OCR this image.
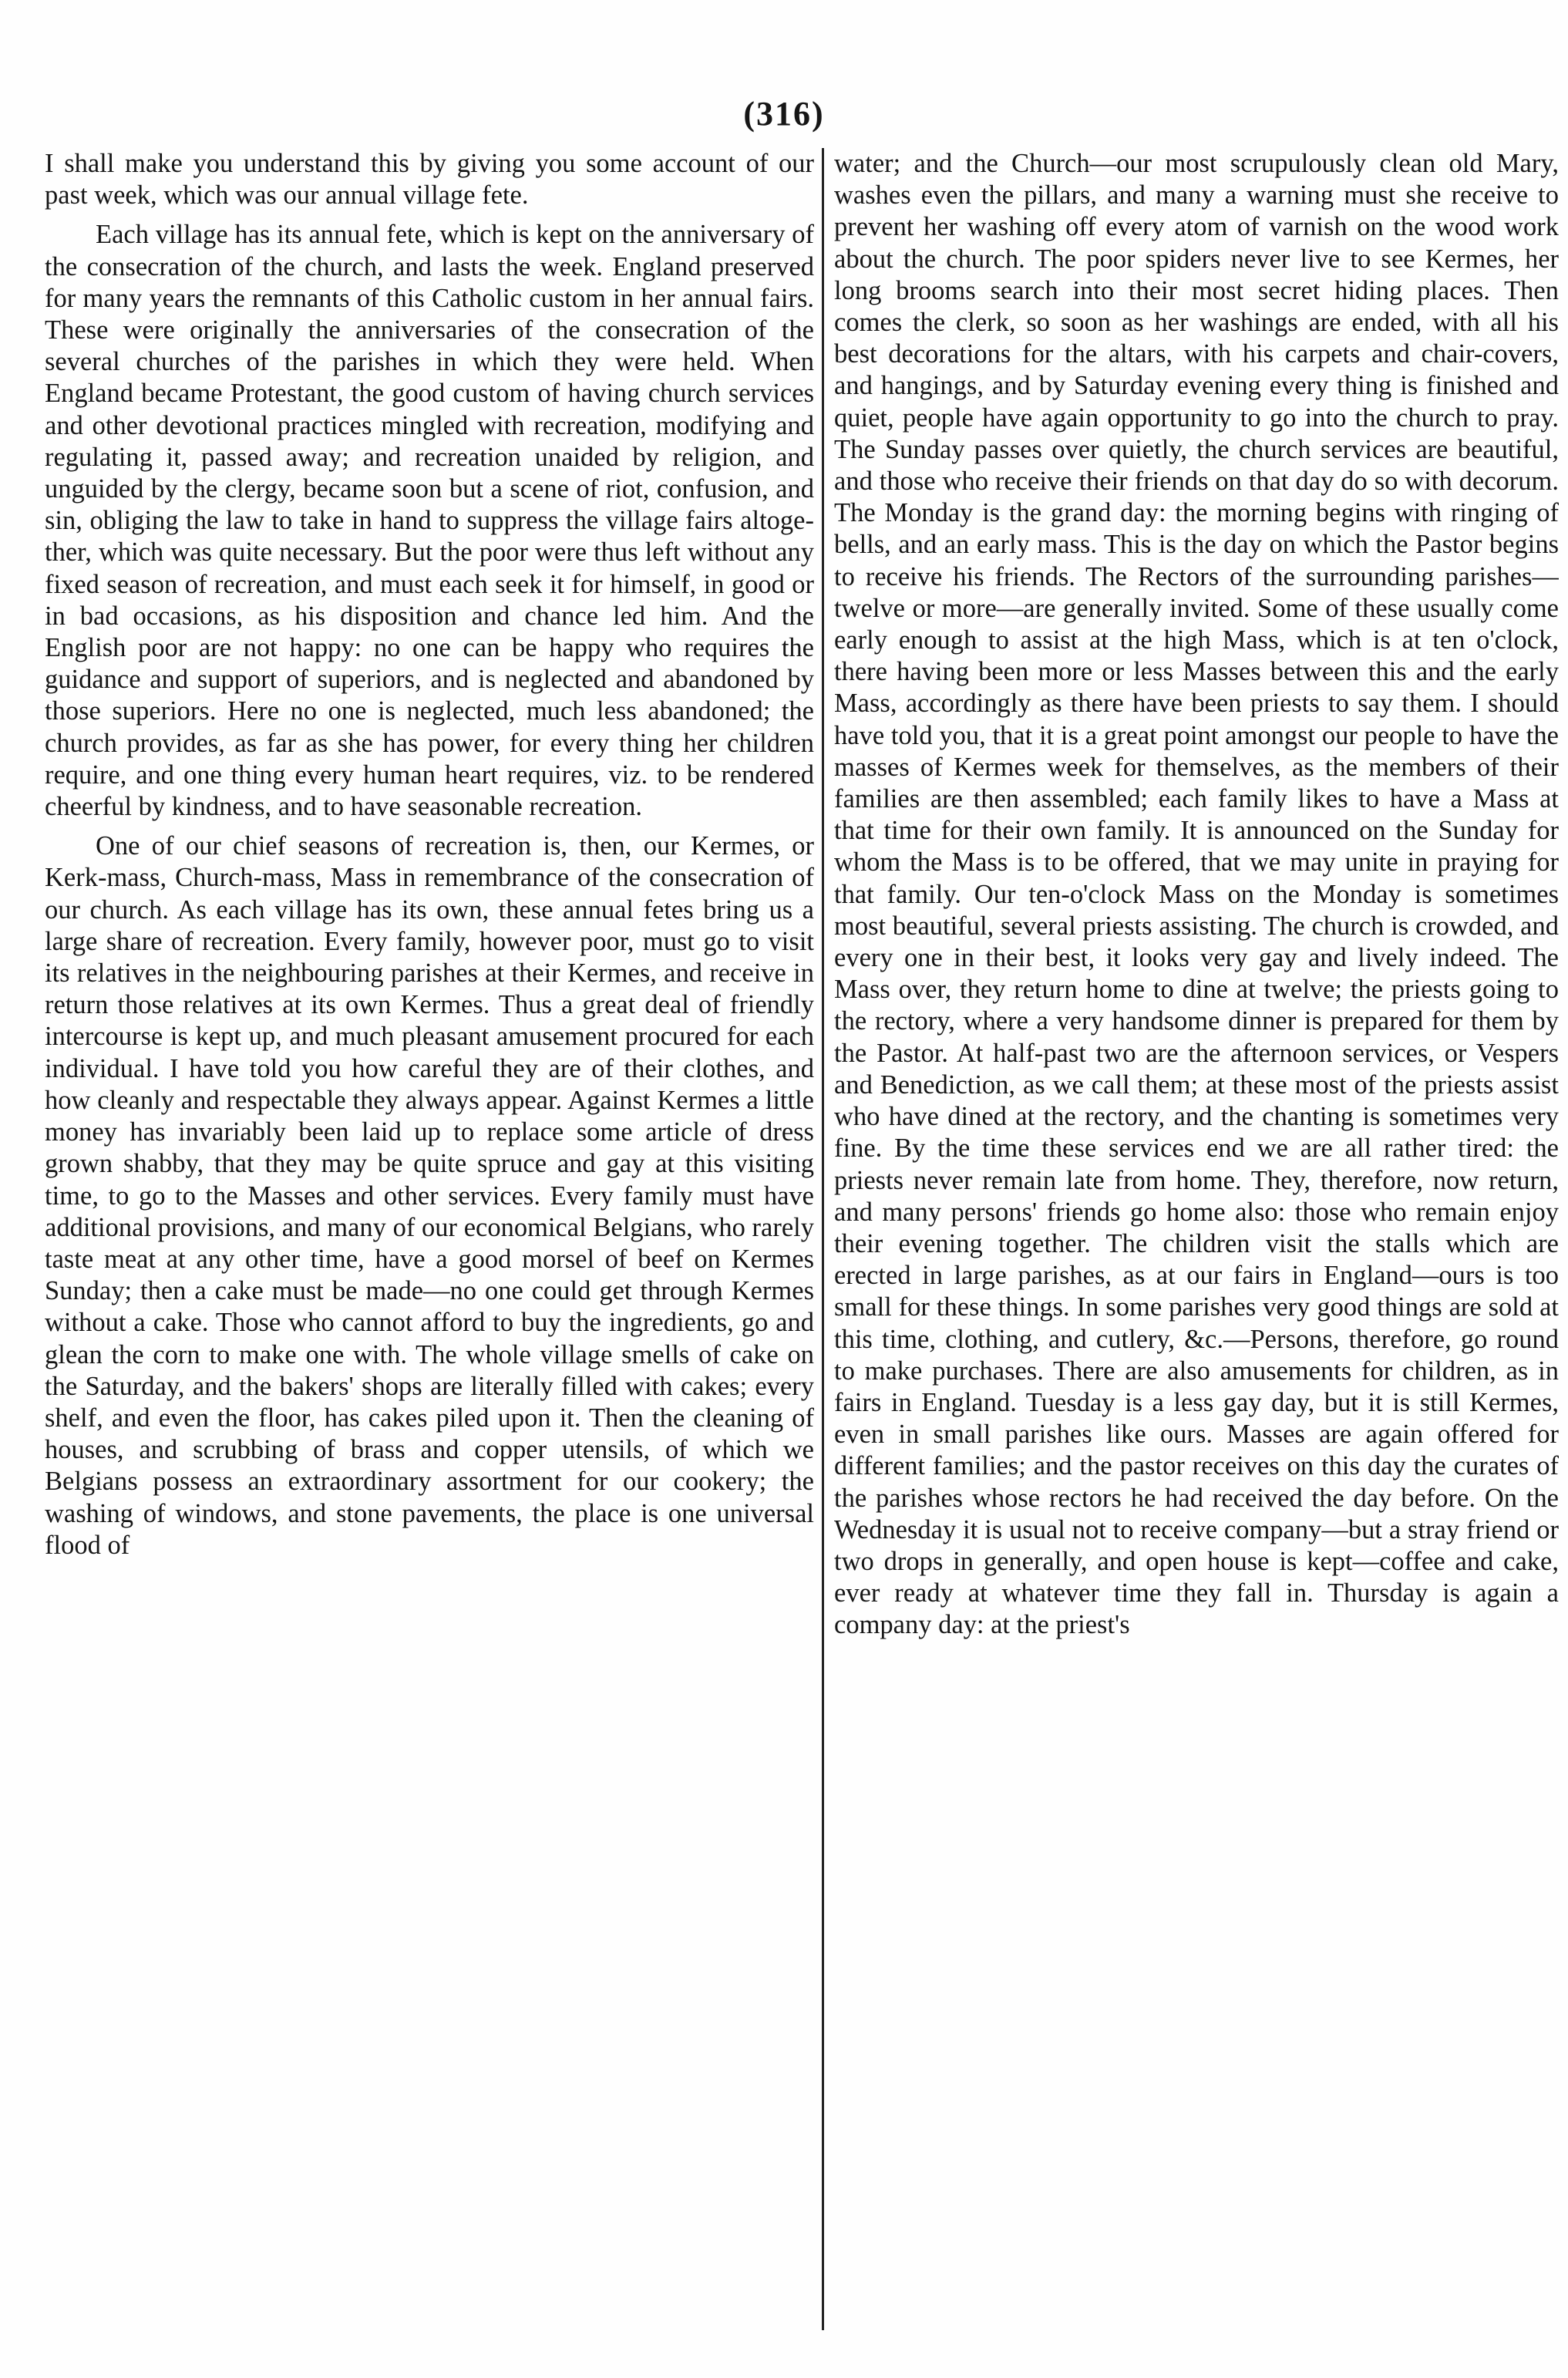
(316)

I shall make you understand this by giving you some account of our past week, which was our annual village fete.

Each village has its annual fete, which is kept on the anniversary of the consecration of the church, and lasts the week. England preserved for many years the remnants of this Catholic custom in her annual fairs. These were originally the anniversaries of the consecration of the several churches of the parishes in which they were held. When England became Protestant, the good custom of having church services and other devotional practices mingled with recreation, modifying and regulating it, passed away; and recreation unaided by religion, and unguided by the clergy, became soon but a scene of riot, confusion, and sin, obliging the law to take in hand to suppress the village fairs altogether, which was quite necessary. But the poor were thus left without any fixed season of recreation, and must each seek it for himself, in good or in bad occasions, as his disposition and chance led him. And the English poor are not happy: no one can be happy who requires the guidance and support of superiors, and is neglected and abandoned by those superiors. Here no one is neglected, much less abandoned; the church provides, as far as she has power, for every thing her children require, and one thing every human heart requires, viz. to be rendered cheerful by kindness, and to have seasonable recreation.

One of our chief seasons of recreation is, then, our Kermes, or Kerk-mass, Church-mass, Mass in remembrance of the consecration of our church. As each village has its own, these annual fetes bring us a large share of recreation. Every family, however poor, must go to visit its relatives in the neighbouring parishes at their Kermes, and receive in return those relatives at its own Kermes. Thus a great deal of friendly intercourse is kept up, and much pleasant amusement procured for each individual. I have told you how careful they are of their clothes, and how cleanly and respectable they always appear. Against Kermes a little money has invariably been laid up to replace some article of dress grown shabby, that they may be quite spruce and gay at this visiting time, to go to the Masses and other services. Every family must have additional provisions, and many of our economical Belgians, who rarely taste meat at any other time, have a good morsel of beef on Kermes Sunday; then a cake must be made—no one could get through Kermes without a cake. Those who cannot afford to buy the ingredients, go and glean the corn to make one with. The whole village smells of cake on the Saturday, and the bakers' shops are literally filled with cakes; every shelf, and even the floor, has cakes piled upon it. Then the cleaning of houses, and scrubbing of brass and copper utensils, of which we Belgians possess an extraordinary assortment for our cookery; the washing of windows, and stone pavements, the place is one universal flood of

water; and the Church—our most scrupulously clean old Mary, washes even the pillars, and many a warning must she receive to prevent her washing off every atom of varnish on the wood work about the church. The poor spiders never live to see Kermes, her long brooms search into their most secret hiding places. Then comes the clerk, so soon as her washings are ended, with all his best decorations for the altars, with his carpets and chair-covers, and hangings, and by Saturday evening every thing is finished and quiet, people have again opportunity to go into the church to pray. The Sunday passes over quietly, the church services are beautiful, and those who receive their friends on that day do so with decorum. The Monday is the grand day: the morning begins with ringing of bells, and an early mass. This is the day on which the Pastor begins to receive his friends. The Rectors of the surrounding parishes—twelve or more—are generally invited. Some of these usually come early enough to assist at the high Mass, which is at ten o'clock, there having been more or less Masses between this and the early Mass, accordingly as there have been priests to say them. I should have told you, that it is a great point amongst our people to have the masses of Kermes week for themselves, as the members of their families are then assembled; each family likes to have a Mass at that time for their own family. It is announced on the Sunday for whom the Mass is to be offered, that we may unite in praying for that family. Our ten-o'clock Mass on the Monday is sometimes most beautiful, several priests assisting. The church is crowded, and every one in their best, it looks very gay and lively indeed. The Mass over, they return home to dine at twelve; the priests going to the rectory, where a very handsome dinner is prepared for them by the Pastor. At half-past two are the afternoon services, or Vespers and Benediction, as we call them; at these most of the priests assist who have dined at the rectory, and the chanting is sometimes very fine. By the time these services end we are all rather tired: the priests never remain late from home. They, therefore, now return, and many persons' friends go home also: those who remain enjoy their evening together. The children visit the stalls which are erected in large parishes, as at our fairs in England—ours is too small for these things. In some parishes very good things are sold at this time, clothing, and cutlery, &c.—Persons, therefore, go round to make purchases. There are also amusements for children, as in fairs in England. Tuesday is a less gay day, but it is still Kermes, even in small parishes like ours. Masses are again offered for different families; and the pastor receives on this day the curates of the parishes whose rectors he had received the day before. On the Wednesday it is usual not to receive company—but a stray friend or two drops in generally, and open house is kept—coffee and cake, ever ready at whatever time they fall in. Thursday is again a company day: at the priest's
